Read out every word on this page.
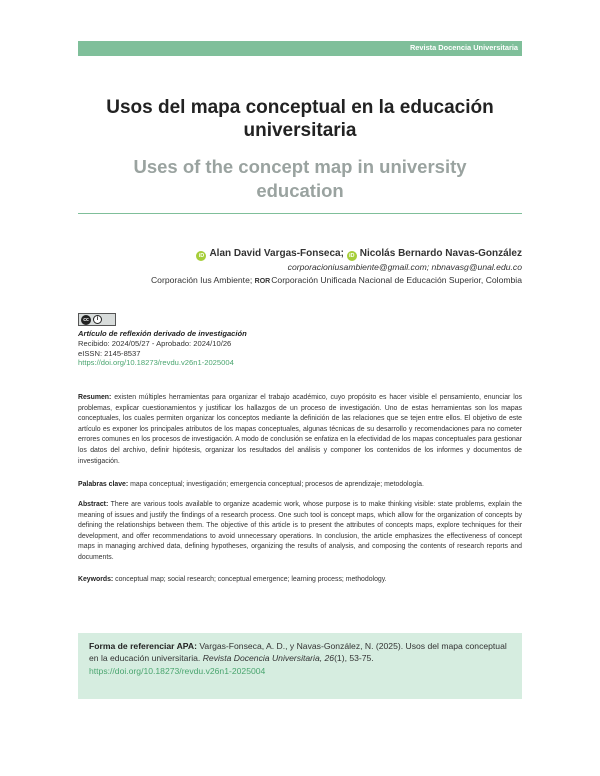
Revista Docencia Universitaria
Usos del mapa conceptual en la educación
universitaria
Uses of the concept map in university
education
iD Alan David Vargas-Fonseca; iD Nicolás Bernardo Navas-González
corporacioniusambiente@gmail.com; nbnavasg@unal.edu.co
Corporación Ius Ambiente; RORCorporación Unificada Nacional de Educación Superior, Colombia
cc	i
Artículo de reflexión derivado de investigación
Recibido: 2024/05/27 - Aprobado: 2024/10/26
eISSN: 2145-8537
https://doi.org/10.18273/revdu.v26n1-2025004
Resumen: existen múltiples herramientas para organizar el trabajo académico, cuyo propósito es hacer visible el pensamiento, enunciar los problemas, explicar cuestionamientos y justificar los hallazgos de un proceso de investigación. Uno de estas herramientas son los mapas conceptuales, los cuales permiten organizar los conceptos mediante la definición de las relaciones que se tejen entre ellos. El objetivo de este artículo es exponer los principales atributos de los mapas conceptuales, algunas técnicas de su desarrollo y recomendaciones para no cometer errores comunes en los procesos de investigación. A modo de conclusión se enfatiza en la efectividad de los mapas conceptuales para gestionar los datos del archivo, definir hipótesis, organizar los resultados del análisis y componer los contenidos de los informes y documentos de investigación.
Palabras clave: mapa conceptual; investigación; emergencia conceptual; procesos de aprendizaje; metodología.
Abstract: There are various tools available to organize academic work, whose purpose is to make thinking visible: state problems, explain the meaning of issues and justify the findings of a research process. One such tool is concept maps, which allow for the organization of concepts by defining the relationships between them. The objective of this article is to present the attributes of concepts maps, explore techniques for their development, and offer recommendations to avoid unnecessary operations. In conclusion, the article emphasizes the effectiveness of concept maps in managing archived data, defining hypotheses, organizing the results of analysis, and composing the contents of research reports and documents.
Keywords: conceptual map; social research; conceptual emergence; learning process; methodology.
Forma de referenciar APA: Vargas-Fonseca, A. D., y Navas-González, N. (2025). Usos del mapa conceptual en la educación universitaria. Revista Docencia Universitaria, 26(1), 53-75.
https://doi.org/10.18273/revdu.v26n1-2025004
